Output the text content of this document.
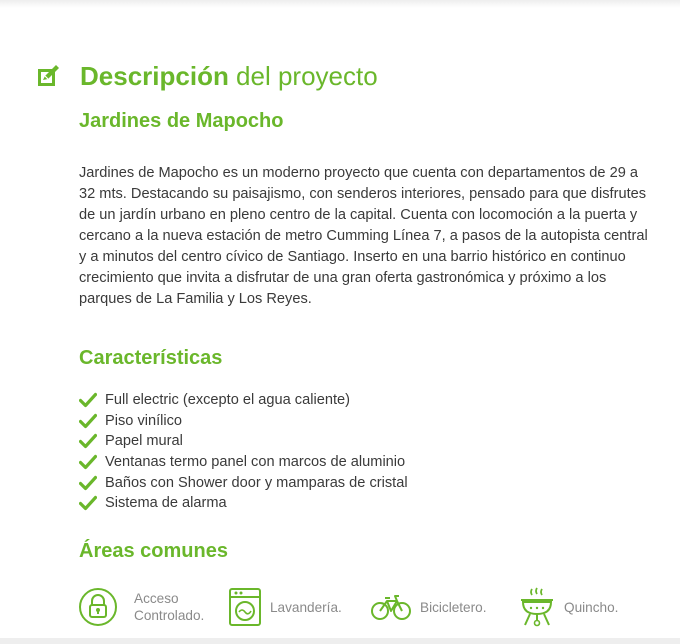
Descripción del proyecto
Jardines de Mapocho
Jardines de Mapocho es un moderno proyecto que cuenta con departamentos de 29 a 32 mts. Destacando su paisajismo, con senderos interiores, pensado para que disfrutes de un jardín urbano en pleno centro de la capital. Cuenta con locomoción a la puerta y cercano a la nueva estación de metro Cumming Línea 7, a pasos de la autopista central y a minutos del centro cívico de Santiago. Inserto en una barrio histórico en continuo crecimiento que invita a disfrutar de una gran oferta gastronómica y próximo a los parques de La Familia y Los Reyes.
Características
Full electric (excepto el agua caliente)
Piso vinílico
Papel mural
Ventanas termo panel con marcos de aluminio
Baños con Shower door y mamparas de cristal
Sistema de alarma
Áreas comunes
Acceso
Controlado.
Lavandería.	Bicicletero.	Quincho.
